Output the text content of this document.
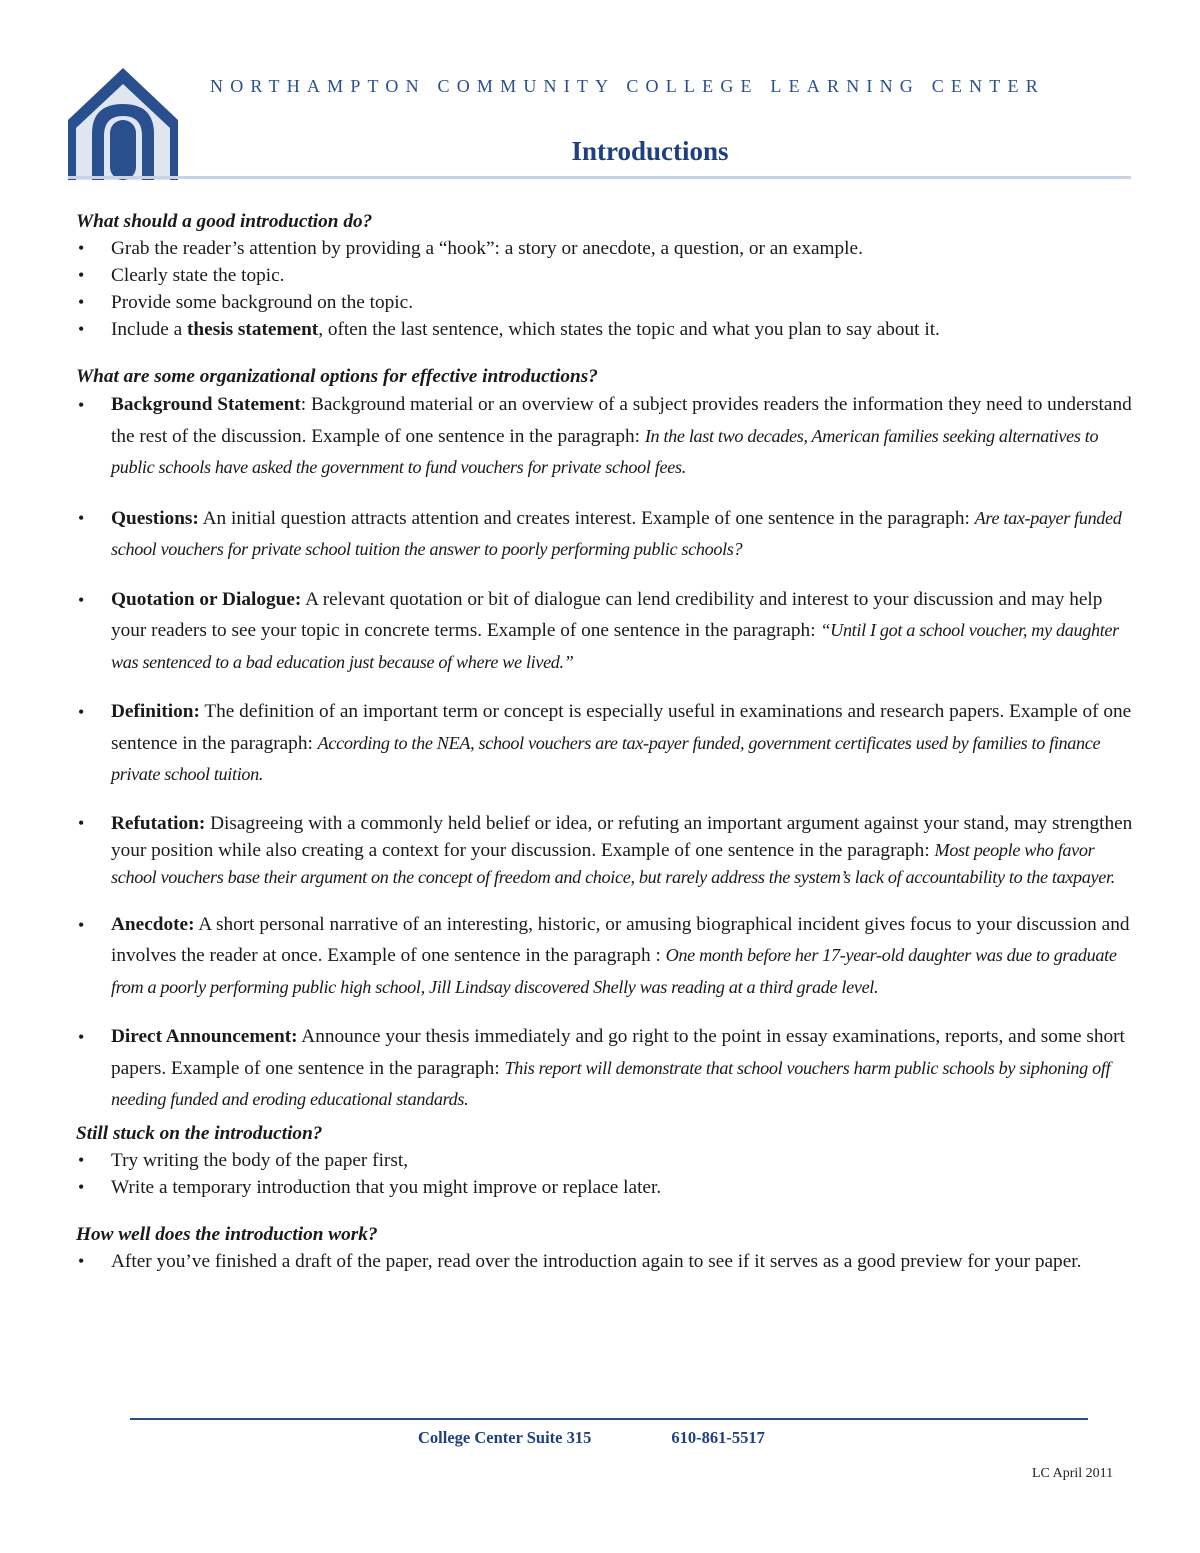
NORTHAMPTON COMMUNITY COLLEGE LEARNING CENTER
Introductions
What should a good introduction do?
• Grab the reader’s attention by providing a “hook”: a story or anecdote, a question, or an example.
• Clearly state the topic.
• Provide some background on the topic.
• Include a thesis statement, often the last sentence, which states the topic and what you plan to say about it.
What are some organizational options for effective introductions?
• Background Statement: Background material or an overview of a subject provides readers the information they need to understand the rest of the discussion. Example of one sentence in the paragraph: In the last two decades, American families seeking alternatives to public schools have asked the government to fund vouchers for private school fees.
• Questions: An initial question attracts attention and creates interest. Example of one sentence in the paragraph: Are tax-payer funded school vouchers for private school tuition the answer to poorly performing public schools?
• Quotation or Dialogue: A relevant quotation or bit of dialogue can lend credibility and interest to your discussion and may help your readers to see your topic in concrete terms. Example of one sentence in the paragraph: “Until I got a school voucher, my daughter was sentenced to a bad education just because of where we lived.”
• Definition: The definition of an important term or concept is especially useful in examinations and research papers. Example of one sentence in the paragraph: According to the NEA, school vouchers are tax-payer funded, government certificates used by families to finance private school tuition.
• Refutation: Disagreeing with a commonly held belief or idea, or refuting an important argument against your stand, may strengthen your position while also creating a context for your discussion. Example of one sentence in the paragraph: Most people who favor school vouchers base their argument on the concept of freedom and choice, but rarely address the system’s lack of accountability to the taxpayer.
• Anecdote: A short personal narrative of an interesting, historic, or amusing biographical incident gives focus to your discussion and involves the reader at once. Example of one sentence in the paragraph : One month before her 17-year-old daughter was due to graduate from a poorly performing public high school, Jill Lindsay discovered Shelly was reading at a third grade level.
• Direct Announcement: Announce your thesis immediately and go right to the point in essay examinations, reports, and some short papers. Example of one sentence in the paragraph: This report will demonstrate that school vouchers harm public schools by siphoning off needing funded and eroding educational standards.
Still stuck on the introduction?
• Try writing the body of the paper first,
• Write a temporary introduction that you might improve or replace later.
How well does the introduction work?
• After you’ve finished a draft of the paper, read over the introduction again to see if it serves as a good preview for your paper.
College Center Suite 315	610-861-5517
LC April 2011
